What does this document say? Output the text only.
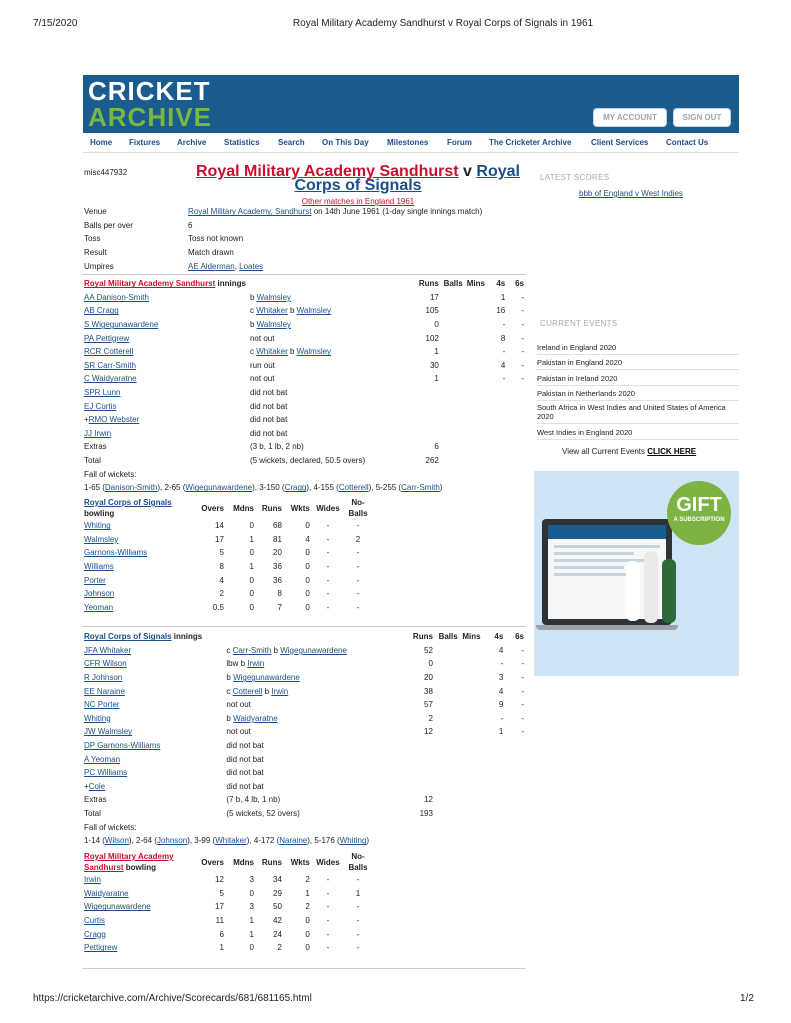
7/15/2020	Royal Military Academy Sandhurst v Royal Corps of Signals in 1961
CRICKET
ARCHIVE	MY ACCOUNT	SIGN OUT
Home Fixtures Archive Statistics Search On This Day Milestones Forum The Cricketer Archive Client Services Contact Us
misc447932	Royal Military Academy Sandhurst v Royal
Corps of Signals
Other matches in England 1961
Venue	Royal Military Academy, Sandhurst on 14th June 1961 (1-day single innings match)
Balls per over	6
Toss	Toss not known
Result	Match drawn
Umpires	AE Alderman, Loates
Royal Military Academy Sandhurst innings		Runs	Balls	Mins	4s	6s
AA Danison-Smith	b Walmsley	17			1	-
AB Cragg	c Whitaker b Walmsley	105			16	-
S Wigegunawardene	b Walmsley	0			-	-
PA Pettigrew	not out	102			8	-
RCR Cotterell	c Whitaker b Walmsley	1			-	-
SR Carr-Smith	run out	30			4	-
C Waidyaratne	not out	1			-	-
SPR Lunn	did not bat					
EJ Curtis	did not bat					
+RMO Webster	did not bat					
JJ Irwin	did not bat					
Extras	(3 b, 1 lb, 2 nb)	6				
Total	(5 wickets, declared, 50.5 overs)	262				
Fall of wickets:						
1-65 (Danison-Smith), 2-65 (Wigegunawardene), 3-150 (Cragg), 4-155 (Cotterell), 5-255 (Carr-Smith)						
Royal Corps of Signals
bowling	Overs	Mdns	Runs	Wkts	Wides	No-
Balls
Whiting	14	0	68	0	-	-
Walmsley	17	1	81	4	-	2
Garnons-Williams	5	0	20	0	-	-
Williams	8	1	36	0	-	-
Porter	4	0	36	0	-	-
Johnson	2	0	8	0	-	-
Yeoman	0.5	0	7	0	-	-
Royal Corps of Signals innings		Runs	Balls	Mins	4s	6s
JFA Whitaker	c Carr-Smith b Wigegunawardene	52			4	-
CFR Wilson	lbw b Irwin	0			-	-
R Johnson	b Wigegunawardene	20			3	-
EE Naraine	c Cotterell b Irwin	38			4	-
NC Porter	not out	57			9	-
Whiting	b Waidyaratne	2			-	-
JW Walmsley	not out	12			1	-
DP Garnons-Williams	did not bat					
A Yeoman	did not bat					
PC Williams	did not bat					
+Cole	did not bat					
Extras	(7 b, 4 lb, 1 nb)	12				
Total	(5 wickets, 52 overs)	193				
Fall of wickets:						
1-14 (Wilson), 2-64 (Johnson), 3-99 (Whitaker), 4-172 (Naraine), 5-176 (Whiting)						
Royal Military Academy
Sandhurst bowling	Overs	Mdns	Runs	Wkts	Wides	No-
Balls
Irwin	12	3	34	2	-	-
Waidyaratne	5	0	29	1	-	1
Wigegunawardene	17	3	50	2	-	-
Curtis	11	1	42	0	-	-
Cragg	6	1	24	0	-	-
Pettigrew	1	0	2	0	-	-
LATEST SCORES
bbb of England v West Indies
CURRENT EVENTS
Ireland in England 2020
Pakistan in England 2020
Pakistan in Ireland 2020
Pakistan in Netherlands 2020
South Africa in West Indies and United States of America 2020
West Indies in England 2020
View all Current Events CLICK HERE
GIFT
A SUBSCRIPTION
https://cricketarchive.com/Archive/Scorecards/681/681165.html	1/2
